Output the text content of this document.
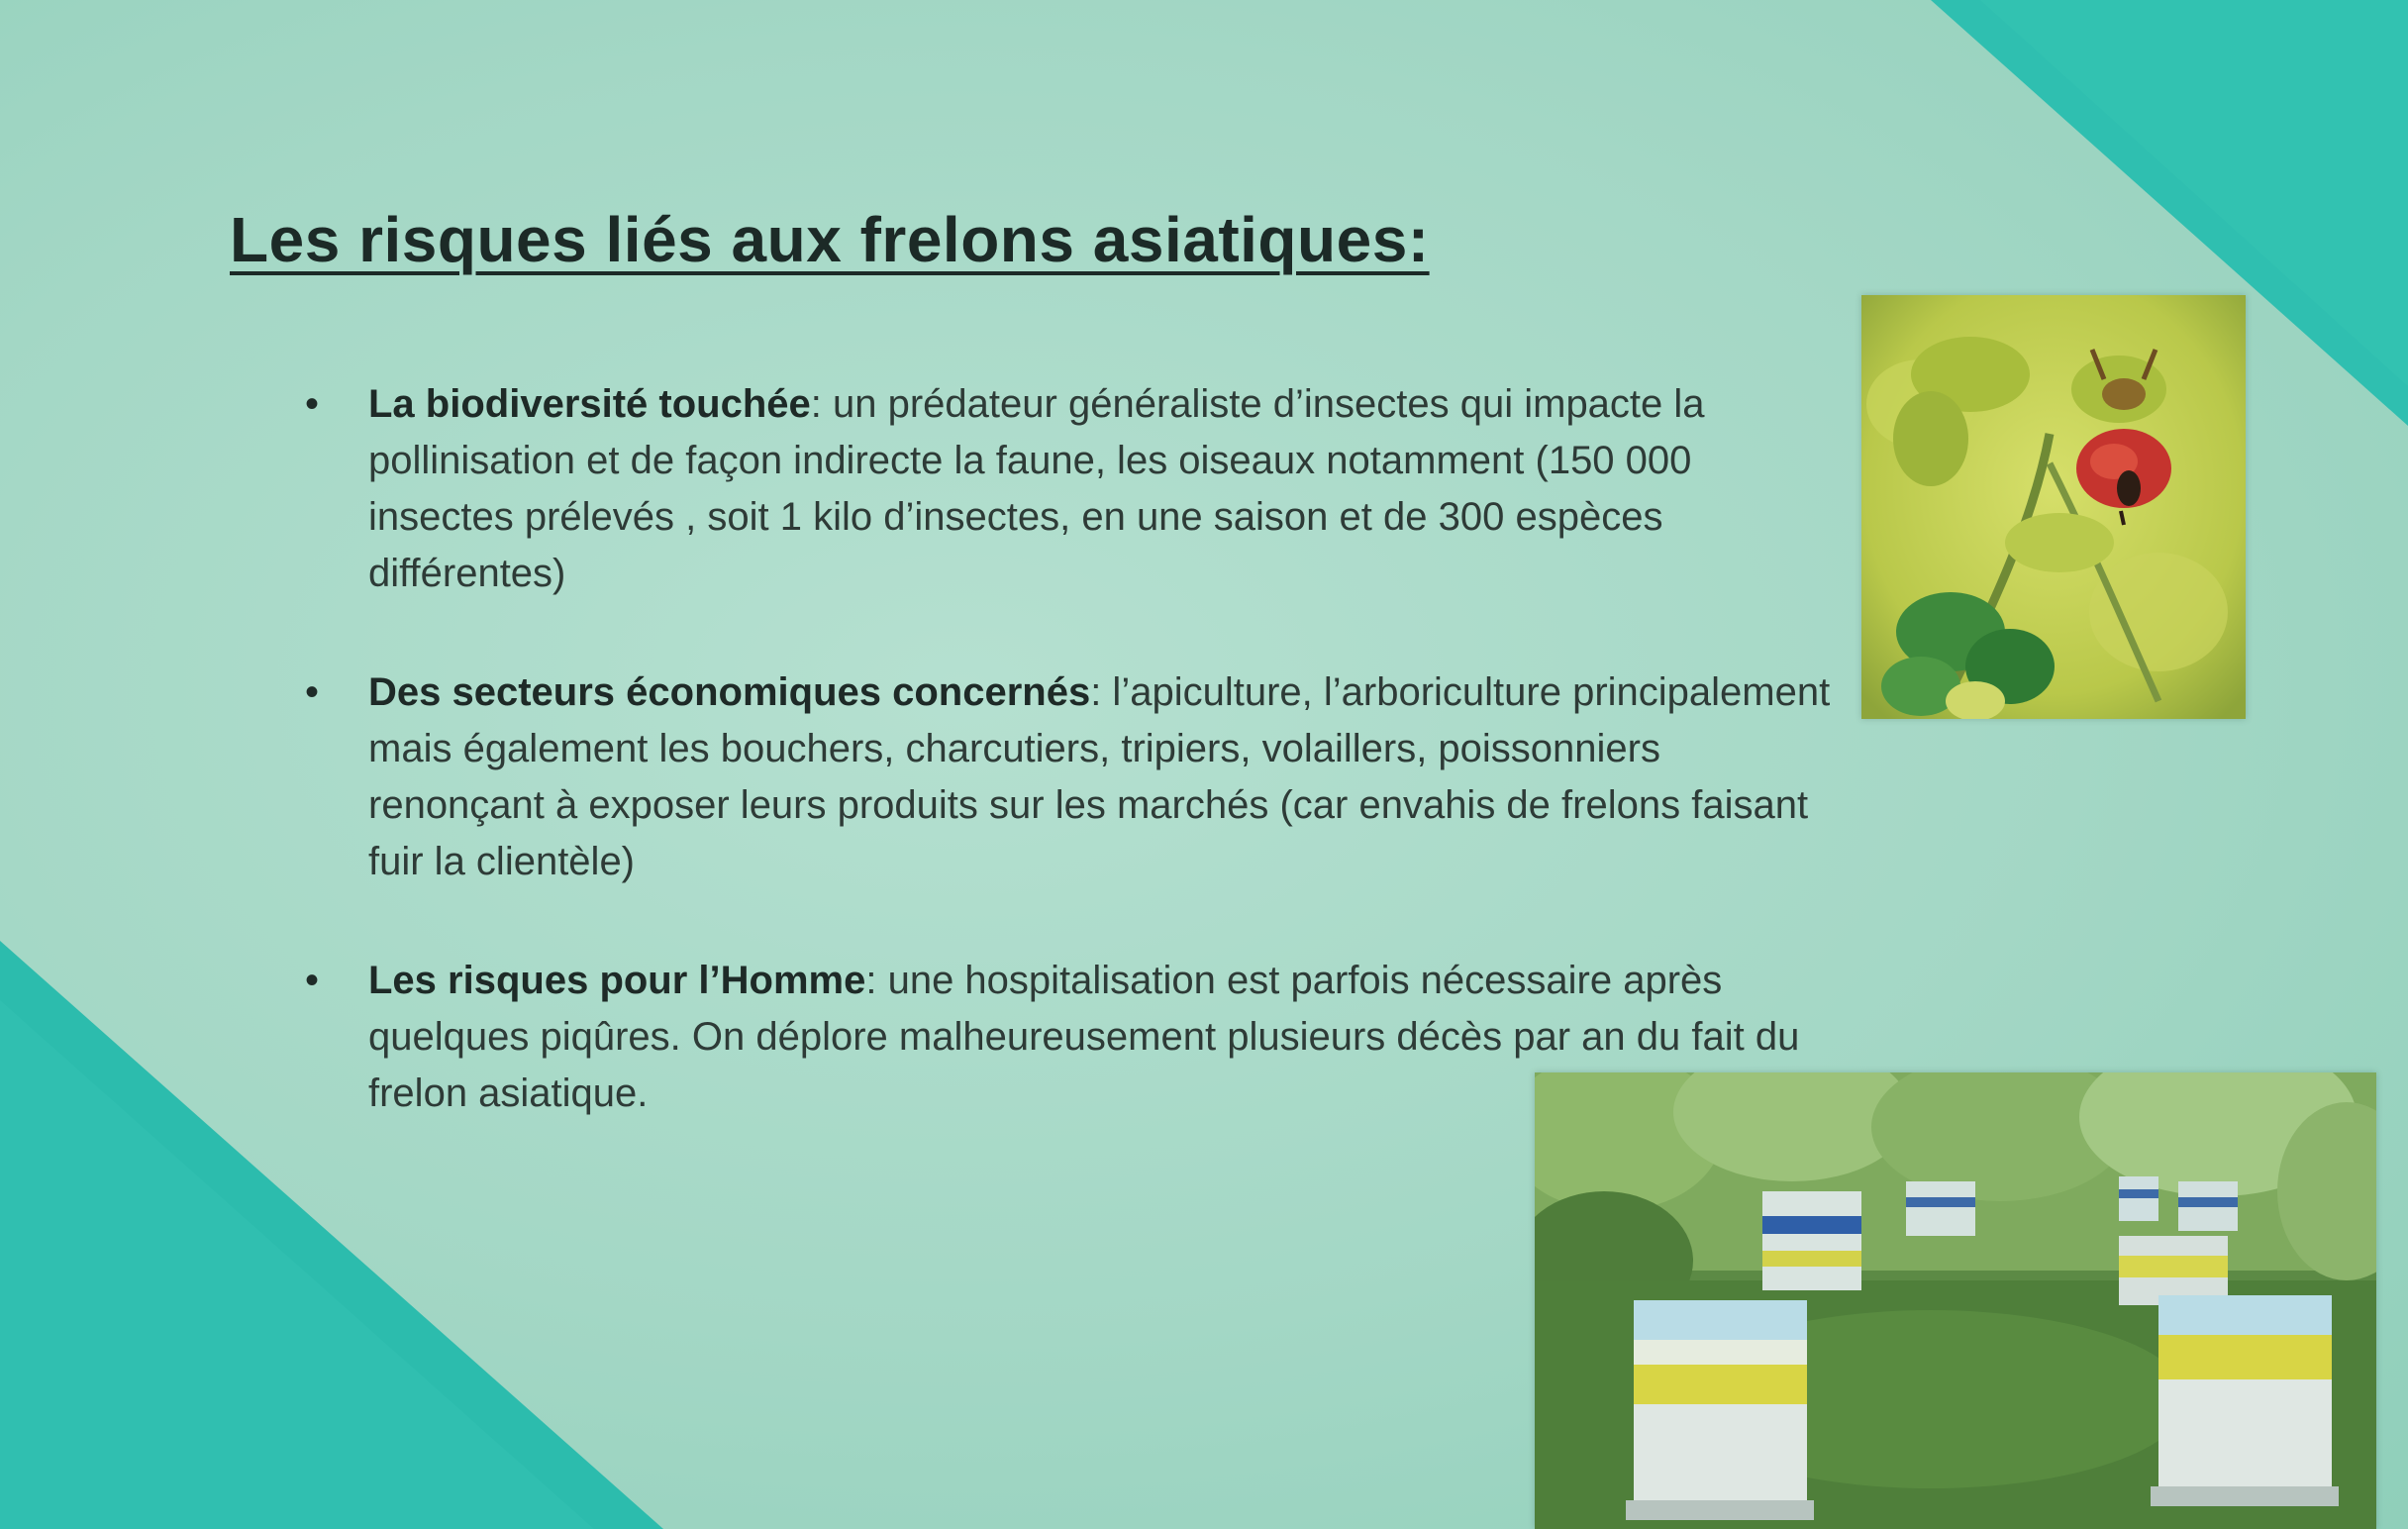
Les risques liés aux frelons asiatiques:
• La biodiversité touchée: un prédateur généraliste d’insectes qui impacte la pollinisation et de façon indirecte la faune, les oiseaux notamment (150 000 insectes prélevés , soit 1 kilo d’insectes, en une saison et de 300 espèces différentes)
• Des secteurs économiques concernés: l’apiculture, l’arboriculture principalement mais également les bouchers, charcutiers, tripiers, volaillers, poissonniers renonçant à exposer leurs produits sur les marchés (car envahis de frelons faisant fuir la clientèle)
• Les risques pour l’Homme: une hospitalisation est parfois nécessaire après quelques piqûres. On déplore malheureusement plusieurs décès par an du fait du frelon asiatique.
